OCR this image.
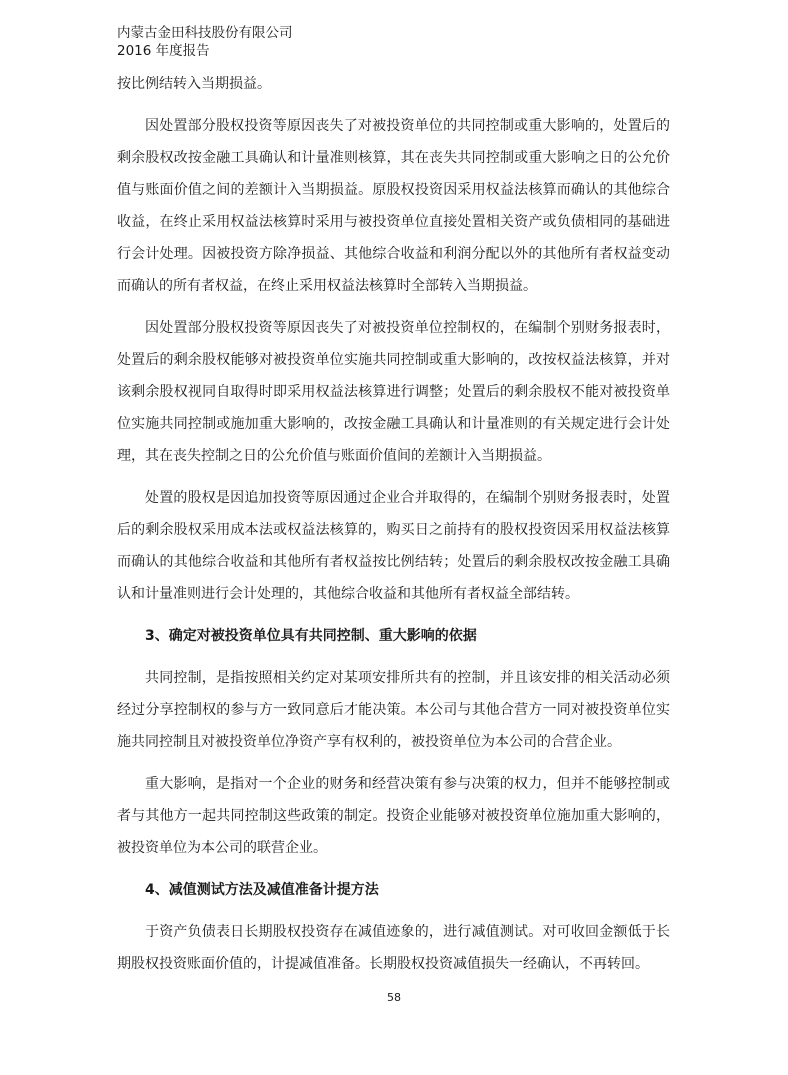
内蒙古金田科技股份有限公司
2016 年度报告

按比例结转入当期损益。

因处置部分股权投资等原因丧失了对被投资单位的共同控制或重大影响的，处置后的剩余股权改按金融工具确认和计量准则核算，其在丧失共同控制或重大影响之日的公允价值与账面价值之间的差额计入当期损益。原股权投资因采用权益法核算而确认的其他综合收益，在终止采用权益法核算时采用与被投资单位直接处置相关资产或负债相同的基础进行会计处理。因被投资方除净损益、其他综合收益和利润分配以外的其他所有者权益变动而确认的所有者权益，在终止采用权益法核算时全部转入当期损益。

因处置部分股权投资等原因丧失了对被投资单位控制权的，在编制个别财务报表时，处置后的剩余股权能够对被投资单位实施共同控制或重大影响的，改按权益法核算，并对该剩余股权视同自取得时即采用权益法核算进行调整；处置后的剩余股权不能对被投资单位实施共同控制或施加重大影响的，改按金融工具确认和计量准则的有关规定进行会计处理，其在丧失控制之日的公允价值与账面价值间的差额计入当期损益。

处置的股权是因追加投资等原因通过企业合并取得的，在编制个别财务报表时，处置后的剩余股权采用成本法或权益法核算的，购买日之前持有的股权投资因采用权益法核算而确认的其他综合收益和其他所有者权益按比例结转；处置后的剩余股权改按金融工具确认和计量准则进行会计处理的，其他综合收益和其他所有者权益全部结转。

3、确定对被投资单位具有共同控制、重大影响的依据

共同控制，是指按照相关约定对某项安排所共有的控制，并且该安排的相关活动必须经过分享控制权的参与方一致同意后才能决策。本公司与其他合营方一同对被投资单位实施共同控制且对被投资单位净资产享有权利的，被投资单位为本公司的合营企业。

重大影响，是指对一个企业的财务和经营决策有参与决策的权力，但并不能够控制或者与其他方一起共同控制这些政策的制定。投资企业能够对被投资单位施加重大影响的，被投资单位为本公司的联营企业。

4、减值测试方法及减值准备计提方法

于资产负债表日长期股权投资存在减值迹象的，进行减值测试。对可收回金额低于长期股权投资账面价值的，计提减值准备。长期股权投资减值损失一经确认，不再转回。

58
